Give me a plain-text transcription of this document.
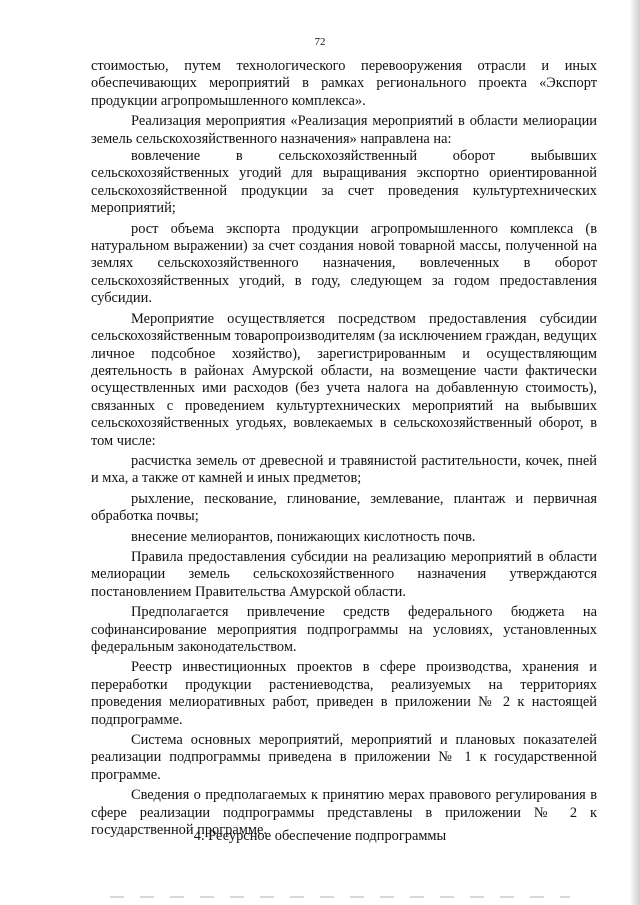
72

стоимостью, путем технологического перевооружения отрасли и иных обеспечивающих мероприятий в рамках регионального проекта «Экспорт продукции агропромышленного комплекса».

Реализация мероприятия «Реализация мероприятий в области мелиорации земель сельскохозяйственного назначения» направлена на:

вовлечение в сельскохозяйственный оборот выбывших сельскохозяйственных угодий для выращивания экспортно ориентированной сельскохозяйственной продукции за счет проведения культуртехнических мероприятий;

рост объема экспорта продукции агропромышленного комплекса (в натуральном выражении) за счет создания новой товарной массы, полученной на землях сельскохозяйственного назначения, вовлеченных в оборот сельскохозяйственных угодий, в году, следующем за годом предоставления субсидии.

Мероприятие осуществляется посредством предоставления субсидии сельскохозяйственным товаропроизводителям (за исключением граждан, ведущих личное подсобное хозяйство), зарегистрированным и осуществляющим деятельность в районах Амурской области, на возмещение части фактически осуществленных ими расходов (без учета налога на добавленную стоимость), связанных с проведением культуртехнических мероприятий на выбывших сельскохозяйственных угодьях, вовлекаемых в сельскохозяйственный оборот, в том числе:

расчистка земель от древесной и травянистой растительности, кочек, пней и мха, а также от камней и иных предметов;

рыхление, пескование, глинование, землевание, плантаж и первичная обработка почвы;

внесение мелиорантов, понижающих кислотность почв.

Правила предоставления субсидии на реализацию мероприятий в области мелиорации земель сельскохозяйственного назначения утверждаются постановлением Правительства Амурской области.

Предполагается привлечение средств федерального бюджета на софинансирование мероприятия подпрограммы на условиях, установленных федеральным законодательством.

Реестр инвестиционных проектов в сфере производства, хранения и переработки продукции растениеводства, реализуемых на территориях проведения мелиоративных работ, приведен в приложении № 2 к настоящей подпрограмме.

Система основных мероприятий, мероприятий и плановых показателей реализации подпрограммы приведена в приложении № 1 к государственной программе.

Сведения о предполагаемых к принятию мерах правового регулирования в сфере реализации подпрограммы представлены в приложении № 2 к государственной программе.

4. Ресурсное обеспечение подпрограммы
